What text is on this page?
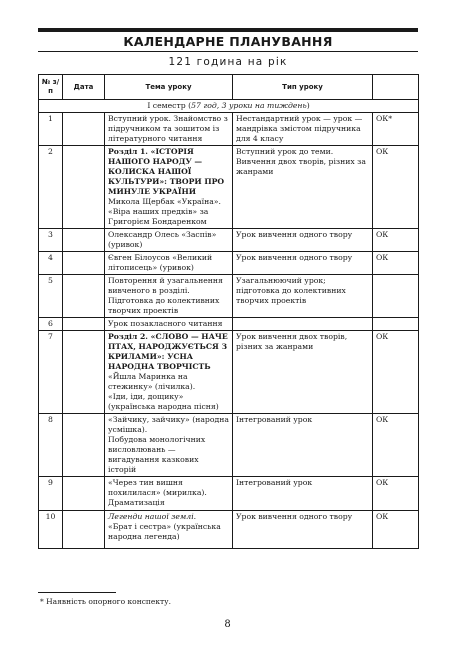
КАЛЕНДАРНЕ ПЛАНУВАННЯ
121 година на рік
№ з/п	Дата	Тема уроку	Тип уроку	
І семестр (57 год, 3 уроки на тиждень)				
1		Вступний урок. Знайомство з підручником та зошитом із літературного читання	Нестандартний урок — урок — мандрівка змістом підручника для 4 класу	ОК*
2		Розділ 1. «ІСТОРІЯ НАШОГО НАРОДУ — КОЛИСКА НАШОЇ КУЛЬТУРИ»: ТВОРИ ПРО МИНУЛЕ УКРАЇНИ
Микола Щербак «Україна». «Віра наших предків» за Григорієм Бондаренком	Вступний урок до теми. Вивчення двох творів, різних за жанрами	ОК
3		Олександр Олесь «Заспів» (уривок)	Урок вивчення одного твору	ОК
4		Євген Білоусов «Великий літописець» (уривок)	Урок вивчення одного твору	ОК
5		Повторення й узагальнення вивченого в розділі. Підготовка до колективних творчих проектів	Узагальнюючий урок; підготовка до колективних творчих проектів	
6		Урок позакласного читання		

7		Розділ 2. «СЛОВО — НАЧЕ ПТАХ, НАРОДЖУЄТЬСЯ З КРИЛАМИ»: УСНА НАРОДНА ТВОРЧІСТЬ
«Йшла Маринка на стежинку» (лічилка).
«Іди, іди, дощику» (українська народна пісня)	Урок вивчення двох творів, різних за жанрами	ОК
8		«Зайчику, зайчику» (народна усмішка).
Побудова монологічних висловлювань — вигадування казкових історій	Інтегрований урок	ОК
9		«Через тин вишня похилилася» (мирилка).
Драматизація	Інтегрований урок	ОК
10		Легенди нашої землі.
«Брат і сестра» (українська народна легенда)	Урок вивчення одного твору	ОК
* Наявність опорного конспекту.
8
